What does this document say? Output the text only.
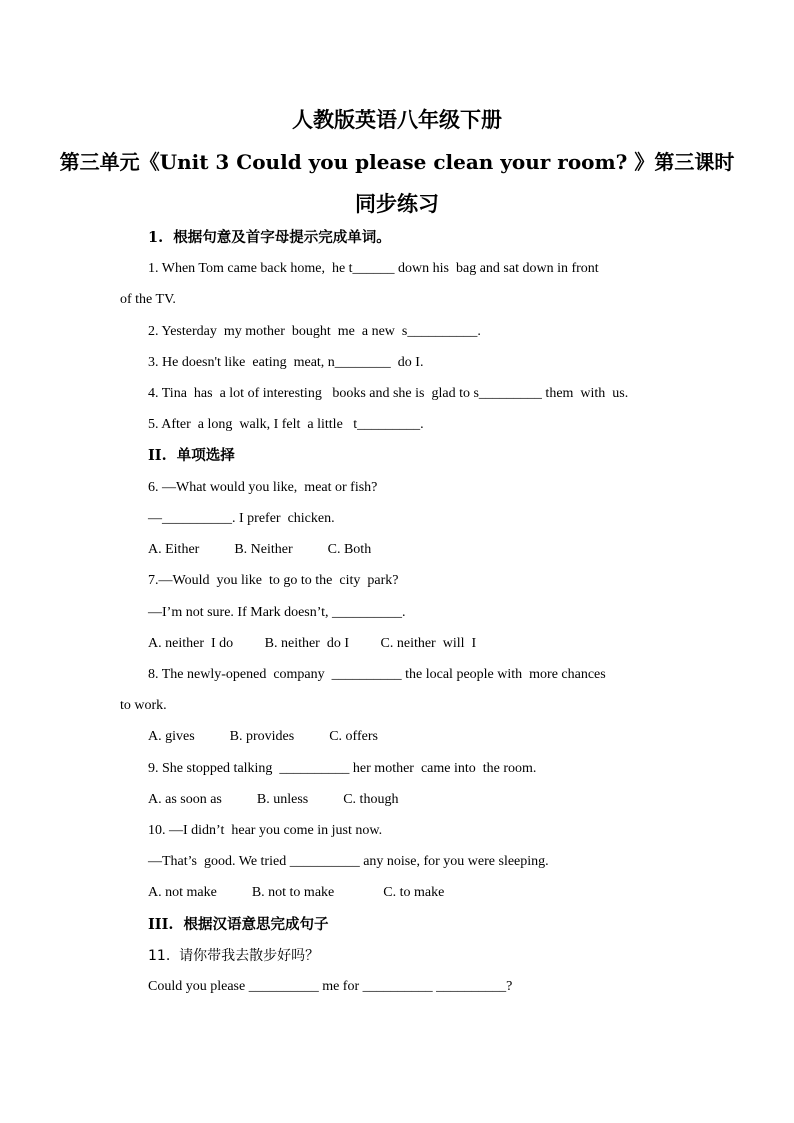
人教版英语八年级下册
第三单元《Unit 3 Could you please clean your room? 》第三课时
同步练习
1.  根据句意及首字母提示完成单词。
1. When Tom came back home,  he t______ down his  bag and sat down in front
of the TV.
2. Yesterday  my mother  bought  me  a new  s__________.
3. He doesn't like  eating  meat, n________  do I.
4. Tina  has  a lot of interesting   books and she is  glad to s_________ them  with  us.
5. After  a long  walk, I felt  a little   t_________.
II.  单项选择
6. —What would you like,  meat or fish?
—__________. I prefer  chicken.
A. Either          B. Neither          C. Both
7.—Would  you like  to go to the  city  park?
—I’m not sure. If Mark doesn’t, __________.
A. neither  I do         B. neither  do I         C. neither  will  I
8. The newly-opened  company  __________ the local people with  more chances
to work.
A. gives          B. provides          C. offers
9. She stopped talking  __________ her mother  came into  the room.
A. as soon as          B. unless          C. though
10. —I didn’t  hear you come in just now.
—That’s  good. We tried __________ any noise, for you were sleeping.
A. not make          B. not to make              C. to make
III.  根据汉语意思完成句子
11.  请你带我去散步好吗？
Could you please __________ me for __________ __________?
